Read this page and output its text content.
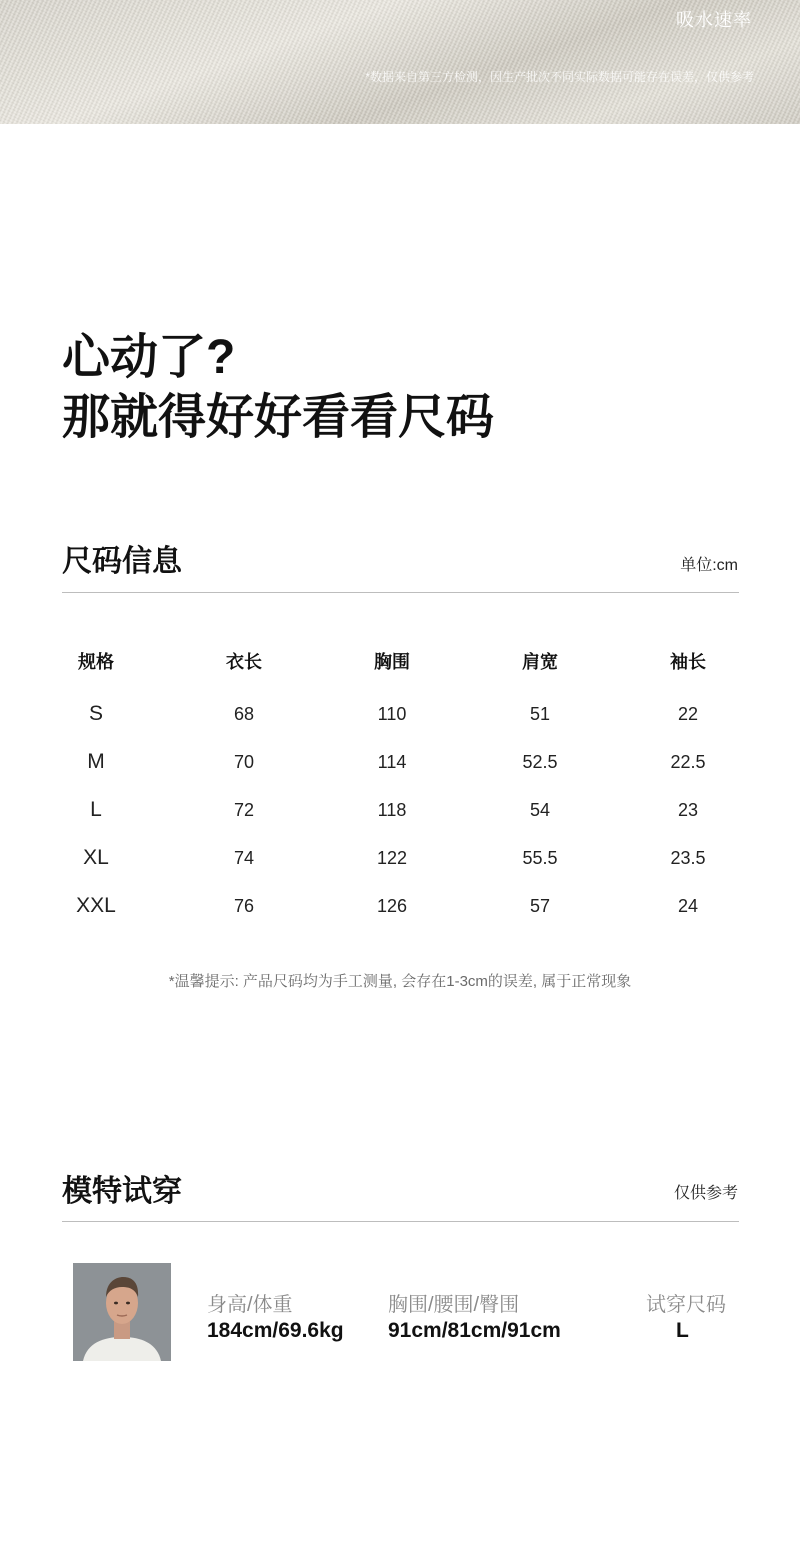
吸水速率
*数据来自第三方检测，因生产批次不同实际数据可能存在误差，仅供参考
心动了?
那就得好好看看尺码
尺码信息	单位:cm
规格	衣长	胸围	肩宽	袖长
S	68	110	51	22
M	70	114	52.5	22.5
L	72	118	54	23
XL	74	122	55.5	23.5
XXL	76	126	57	24
*温馨提示: 产品尺码均为手工测量, 会存在1-3cm的误差, 属于正常现象
模特试穿	仅供参考
身高/体重
184cm/69.6kg
胸围/腰围/臀围
91cm/81cm/91cm
试穿尺码
L
